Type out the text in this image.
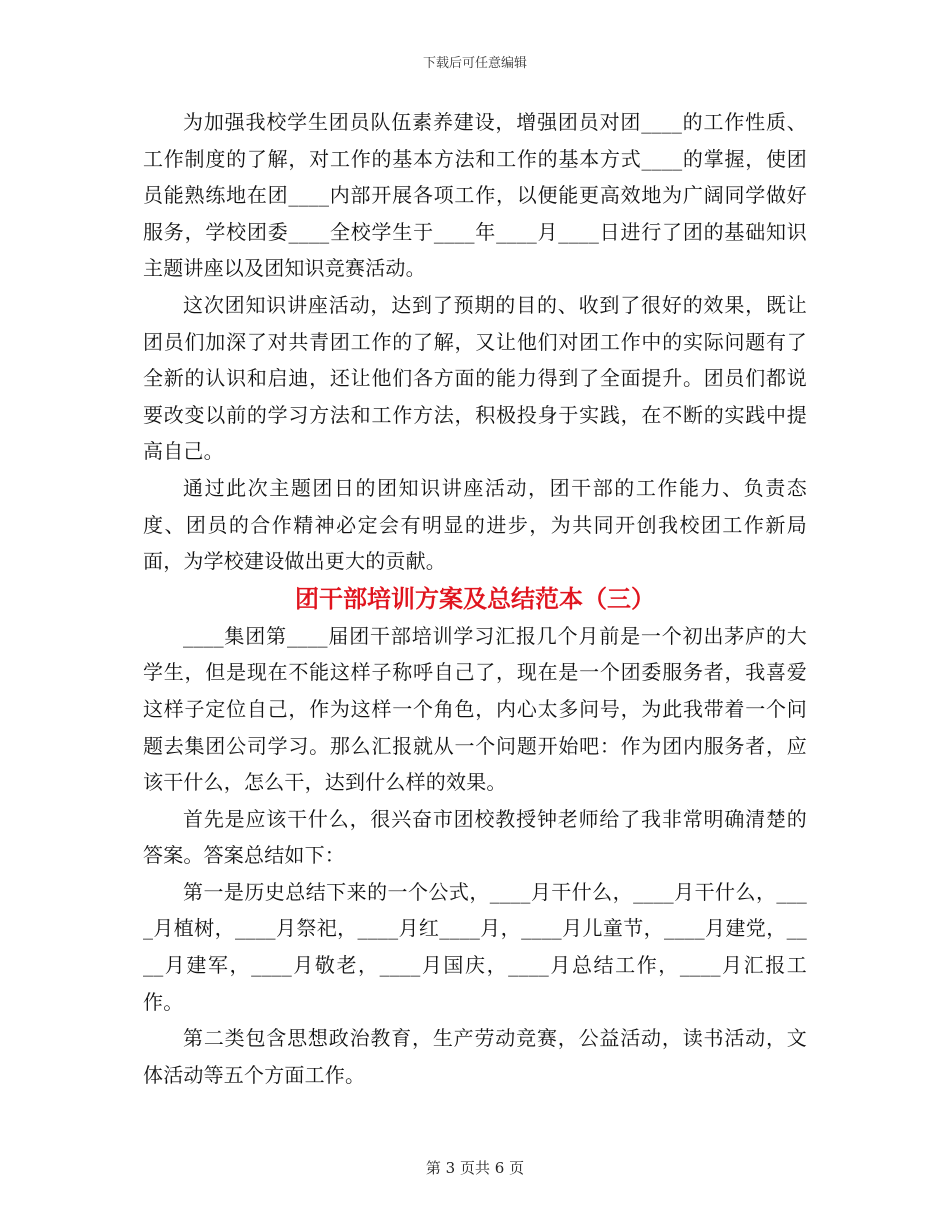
下载后可任意编辑

为加强我校学生团员队伍素养建设，增强团员对团____的工作性质、工作制度的了解，对工作的基本方法和工作的基本方式____的掌握，使团员能熟练地在团____内部开展各项工作，以便能更高效地为广阔同学做好服务，学校团委____全校学生于____年____月____日进行了团的基础知识主题讲座以及团知识竞赛活动。

这次团知识讲座活动，达到了预期的目的、收到了很好的效果，既让团员们加深了对共青团工作的了解，又让他们对团工作中的实际问题有了全新的认识和启迪，还让他们各方面的能力得到了全面提升。团员们都说要改变以前的学习方法和工作方法，积极投身于实践，在不断的实践中提高自己。

通过此次主题团日的团知识讲座活动，团干部的工作能力、负责态度、团员的合作精神必定会有明显的进步，为共同开创我校团工作新局面，为学校建设做出更大的贡献。

团干部培训方案及总结范本（三）

____集团第____届团干部培训学习汇报几个月前是一个初出茅庐的大学生，但是现在不能这样子称呼自己了，现在是一个团委服务者，我喜爱这样子定位自己，作为这样一个角色，内心太多问号，为此我带着一个问题去集团公司学习。那么汇报就从一个问题开始吧：作为团内服务者，应该干什么，怎么干，达到什么样的效果。

首先是应该干什么，很兴奋市团校教授钟老师给了我非常明确清楚的答案。答案总结如下：

第一是历史总结下来的一个公式，____月干什么，____月干什么，____月植树，____月祭祀，____月红____月，____月儿童节，____月建党，____月建军，____月敬老，____月国庆，____月总结工作，____月汇报工作。

第二类包含思想政治教育，生产劳动竞赛，公益活动，读书活动，文体活动等五个方面工作。

第 3 页共 6 页
